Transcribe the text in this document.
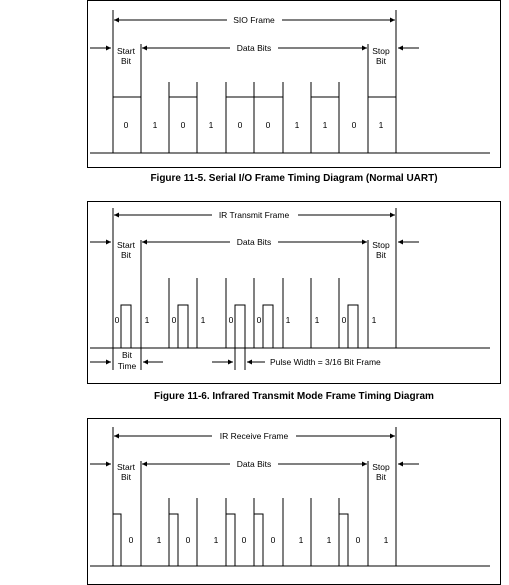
Figure 11-5. Serial I/O Frame Timing Diagram (Normal UART)
Figure 11-6. Infrared Transmit Mode Frame Timing Diagram
SIO Frame
Data Bits
Start
Bit
Stop
Bit
0	1	0	1	0	0	1	1	0	1
IR Transmit Frame
Data Bits
Start
Bit
Stop
Bit
0	1	0	1	0	0	1	1	0	1
Bit
Time	Pulse Width = 3/16 Bit Frame
IR Receive Frame
Data Bits
Start
Bit
Stop
Bit
0	1	0	1	0	0	1	1	0	1
